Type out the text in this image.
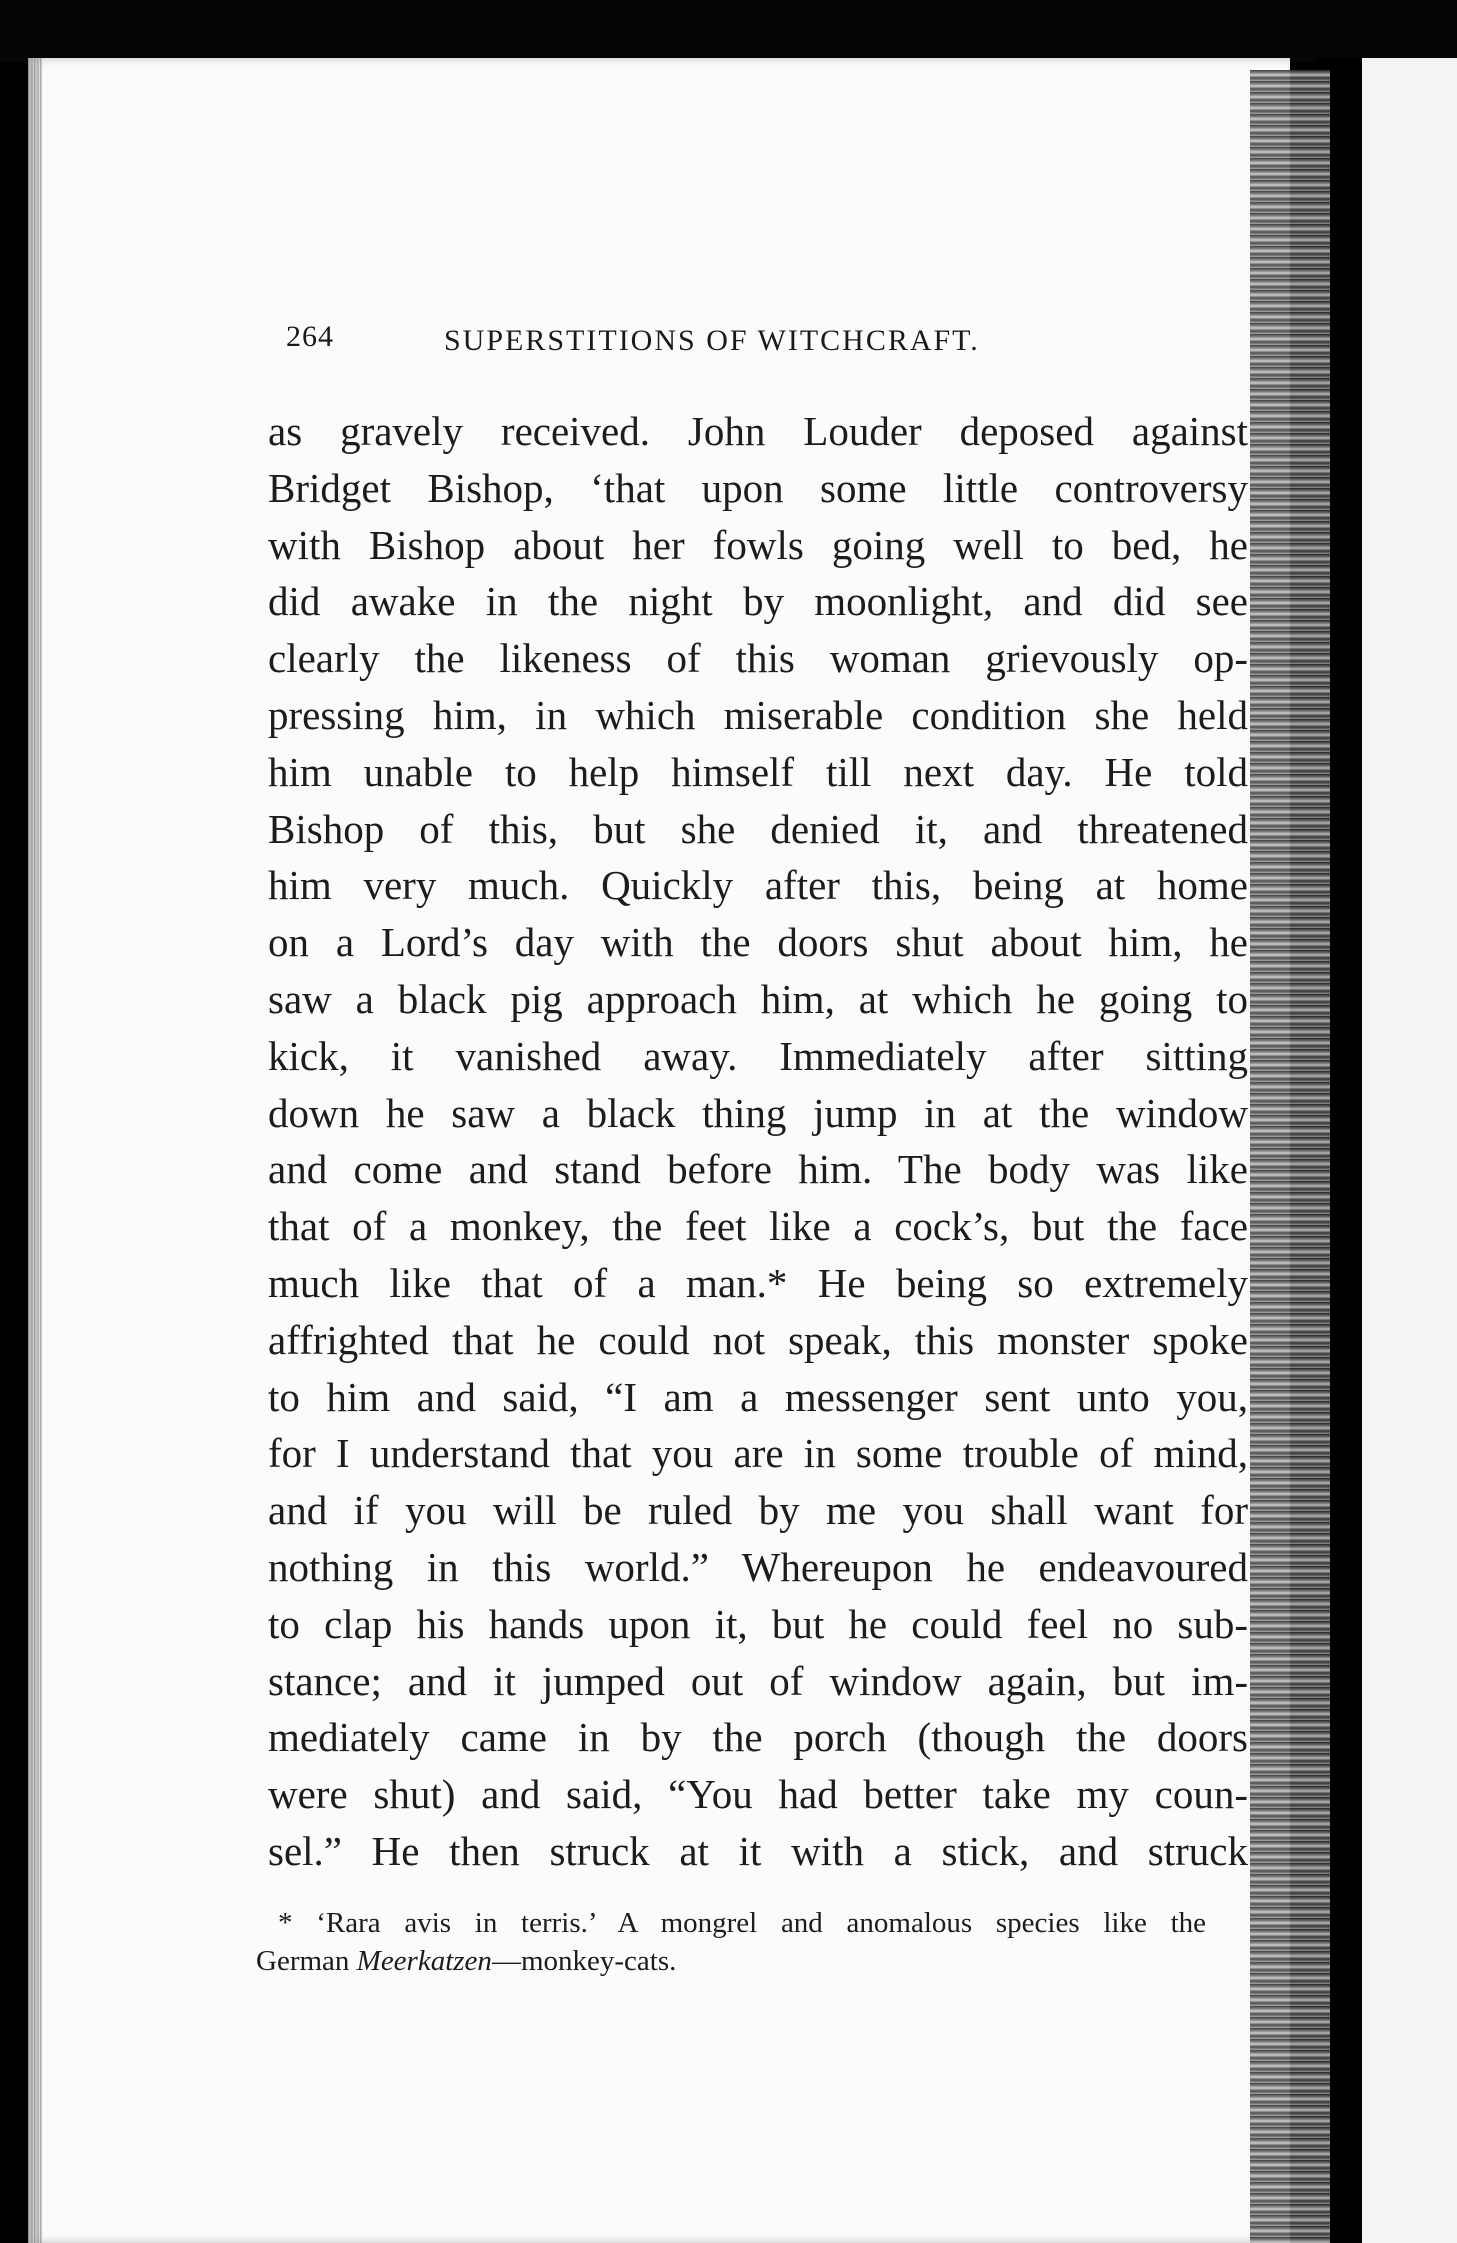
264	SUPERSTITIONS OF WITCHCRAFT.
as gravely received. John Louder deposed against
Bridget Bishop, ‘that upon some little controversy
with Bishop about her fowls going well to bed, he
did awake in the night by moonlight, and did see
clearly the likeness of this woman grievously op-
pressing him, in which miserable condition she held
him unable to help himself till next day. He told
Bishop of this, but she denied it, and threatened
him very much. Quickly after this, being at home
on a Lord’s day with the doors shut about him, he
saw a black pig approach him, at which he going to
kick, it vanished away. Immediately after sitting
down he saw a black thing jump in at the window
and come and stand before him. The body was like
that of a monkey, the feet like a cock’s, but the face
much like that of a man.* He being so extremely
affrighted that he could not speak, this monster spoke
to him and said, “I am a messenger sent unto you,
for I understand that you are in some trouble of mind,
and if you will be ruled by me you shall want for
nothing in this world.” Whereupon he endeavoured
to clap his hands upon it, but he could feel no sub-
stance; and it jumped out of window again, but im-
mediately came in by the porch (though the doors
were shut) and said, “You had better take my coun-
sel.” He then struck at it with a stick, and struck
* ‘Rara avis in terris.’ A mongrel and anomalous species like the
German Meerkatzen—monkey-cats.
